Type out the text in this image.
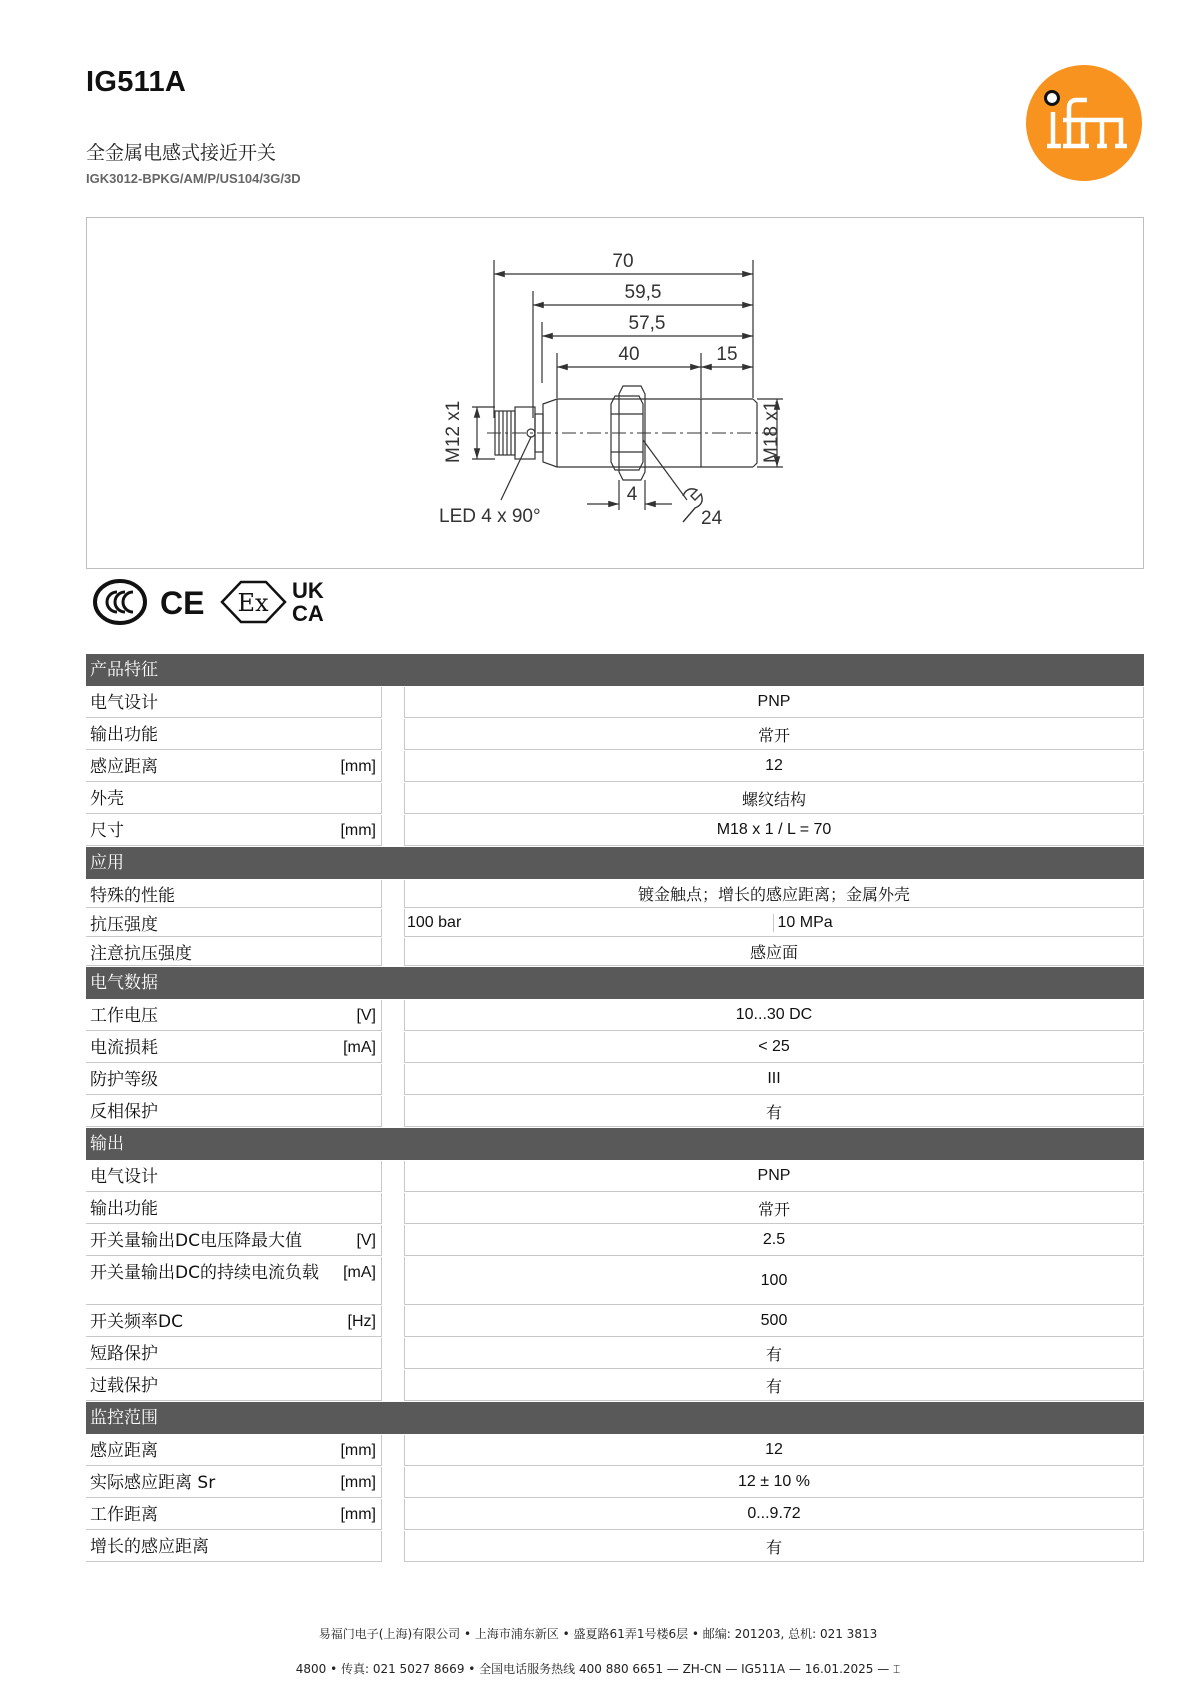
IG511A
全金属电感式接近开关
IGK3012-BPKG/AM/P/US104/3G/3D
70
59,5
57,5
40	15
4
24
LED 4 x 90°
M12 x1	M18 x1
CE Ex UK
CA
产品特征
电气设计	PNP
输出功能	常开
感应距离	[mm]	12
外壳	螺纹结构
尺寸	[mm]	M18 x 1 / L = 70
应用
特殊的性能	镀金触点；增长的感应距离；金属外壳
抗压强度	100 bar	10 MPa
注意抗压强度	感应面
电气数据
工作电压	[V]	10...30 DC
电流损耗	[mA]	< 25
防护等级	III
反相保护	有
输出
电气设计	PNP
输出功能	常开
开关量输出DC电压降最大值	[V]	2.5
开关量输出DC的持续电流负载 [mA]	100
开关频率DC	[Hz]	500
短路保护	有
过载保护	有
监控范围
感应距离	[mm]	12
实际感应距离 Sr	[mm]	12 ± 10 %
工作距离	[mm]	0...9.72
增长的感应距离	有
易福门电子(上海)有限公司 • 上海市浦东新区 • 盛夏路61弄1号楼6层 • 邮编: 201203, 总机: 021 3813
4800 • 传真: 021 5027 8669 • 全国电话服务热线 400 880 6651 — ZH-CN — IG511A — 16.01.2025 — ⌶
